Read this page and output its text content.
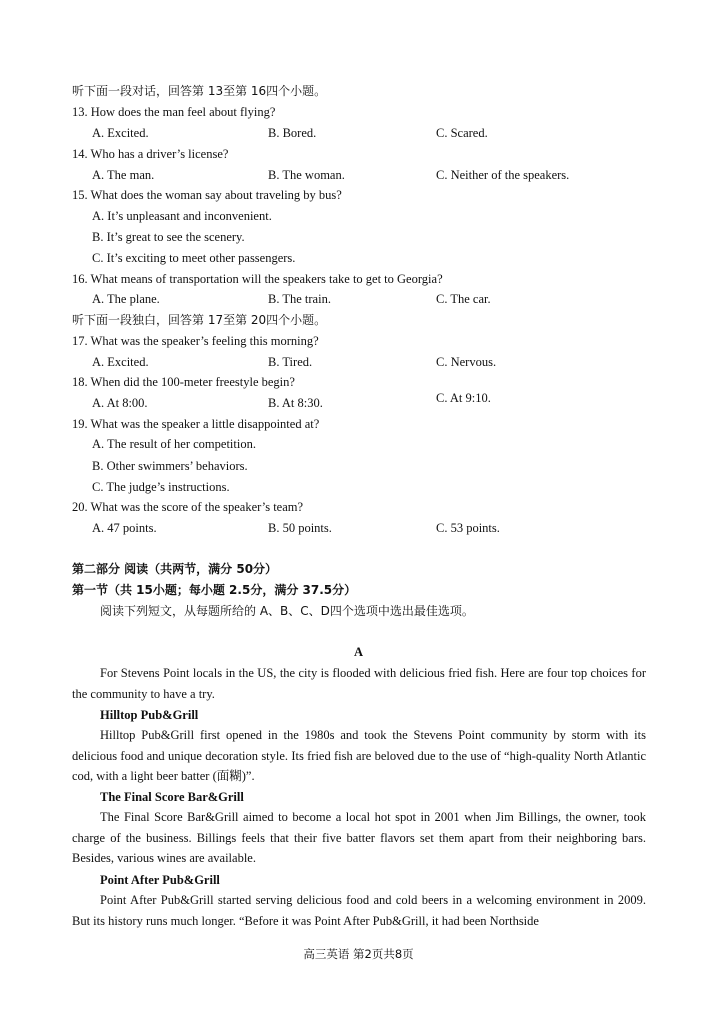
听下面一段对话，回答第 13至第 16四个小题。
13. How does the man feel about flying?
A. Excited.	B. Bored.	C. Scared.
14. Who has a driver’s license?
A. The man.	B. The woman.	C. Neither of the speakers.
15. What does the woman say about traveling by bus?
A. It’s unpleasant and inconvenient.
B. It’s great to see the scenery.
C. It’s exciting to meet other passengers.
16. What means of transportation will the speakers take to get to Georgia?
A. The plane.	B. The train.	C. The car.
听下面一段独白，回答第 17至第 20四个小题。
17. What was the speaker’s feeling this morning?
A. Excited.	B. Tired.	C. Nervous.
18. When did the 100-meter freestyle begin?
A. At 8:00.	B. At 8:30.	C. At 9:10.
19. What was the speaker a little disappointed at?
A. The result of her competition.
B. Other swimmers’ behaviors.
C. The judge’s instructions.
20. What was the score of the speaker’s team?
A. 47 points.	B. 50 points.	C. 53 points.
第二部分 阅读（共两节，满分 50分）
第一节（共 15小题；每小题 2.5分，满分 37.5分）
阅读下列短文，从每题所给的 A、B、C、D四个选项中选出最佳选项。
A
For Stevens Point locals in the US, the city is flooded with delicious fried fish. Here are four top choices for the community to have a try.
Hilltop Pub&Grill
Hilltop Pub&Grill first opened in the 1980s and took the Stevens Point community by storm with its delicious food and unique decoration style. Its fried fish are beloved due to the use of “high-quality North Atlantic cod, with a light beer batter (面糊)”.
The Final Score Bar&Grill
The Final Score Bar&Grill aimed to become a local hot spot in 2001 when Jim Billings, the owner, took charge of the business. Billings feels that their five batter flavors set them apart from their neighboring bars. Besides, various wines are available.
Point After Pub&Grill
Point After Pub&Grill started serving delicious food and cold beers in a welcoming environment in 2009. But its history runs much longer. “Before it was Point After Pub&Grill, it had been Northside
高三英语 第2页共8页
